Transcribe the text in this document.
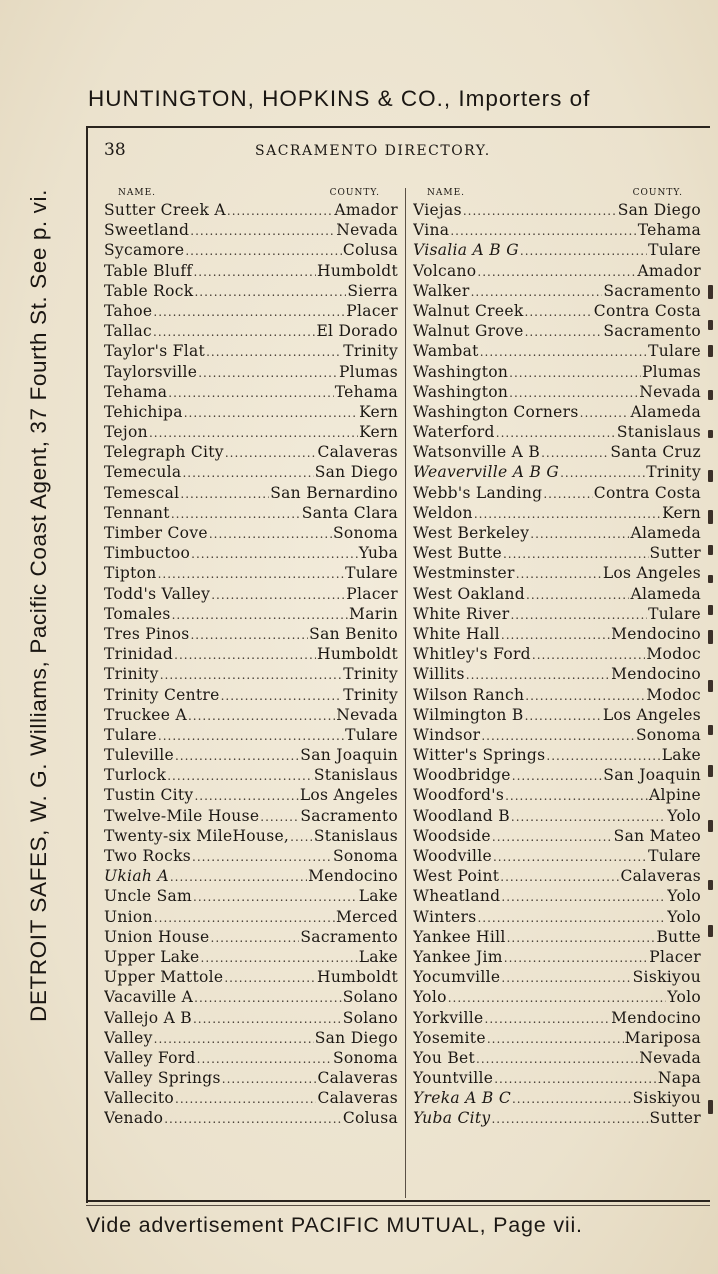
HUNTINGTON, HOPKINS & CO., Importers of
DETROIT SAFES, W. G. Williams, Pacific Coast Agent, 37 Fourth St. See p. vi.
38	SACRAMENTO DIRECTORY.
NAME.	COUNTY.
Sutter Creek A .....	Amador
Sweetland .....	Nevada
Sycamore .....	Colusa
Table Bluff .....	Humboldt
Table Rock .....	Sierra
Tahoe .....	Placer
Tallac .....	El Dorado
Taylor's Flat .....	Trinity
Taylorsville .....	Plumas
Tehama .....	Tehama
Tehichipa .....	Kern
Tejon .....	Kern
Telegraph City .....	Calaveras
Temecula .....	San Diego
Temescal .....	San Bernardino
Tennant .....	Santa Clara
Timber Cove .....	Sonoma
Timbuctoo .....	Yuba
Tipton .....	Tulare
Todd's Valley .....	Placer
Tomales .....	Marin
Tres Pinos .....	San Benito
Trinidad .....	Humboldt
Trinity .....	Trinity
Trinity Centre .....	Trinity
Truckee A .....	Nevada
Tulare .....	Tulare
Tuleville .....	San Joaquin
Turlock .....	Stanislaus
Tustin City .....	Los Angeles
Twelve-Mile House .....	Sacramento
Twenty-six MileHouse, ..... Stanislaus
Two Rocks .....	Sonoma
Ukiah A .....	Mendocino
Uncle Sam .....	Lake
Union .....	Merced
Union House .....	Sacramento
Upper Lake .....	Lake
Upper Mattole .....	Humboldt
Vacaville A .....	Solano
Vallejo A B .....	Solano
Valley .....	San Diego
Valley Ford .....	Sonoma
Valley Springs .....	Calaveras
Vallecito .....	Calaveras
Venado .....	Colusa
NAME.	COUNTY.
Viejas .....	San Diego
Vina .....	Tehama
Visalia A B G .....	Tulare
Volcano .....	Amador
Walker .....	Sacramento
Walnut Creek .....	Contra Costa
Walnut Grove .....	Sacramento
Wambat .....	Tulare
Washington .....	Plumas
Washington .....	Nevada
Washington Corners .....	Alameda
Waterford .....	Stanislaus
Watsonville A B .....	Santa Cruz
Weaverville A B G .....	Trinity
Webb's Landing .....	Contra Costa
Weldon .....	Kern
West Berkeley .....	Alameda
West Butte .....	Sutter
Westminster .....	Los Angeles
West Oakland .....	Alameda
White River .....	Tulare
White Hall .....	Mendocino
Whitley's Ford .....	Modoc
Willits .....	Mendocino
Wilson Ranch .....	Modoc
Wilmington B .....	Los Angeles
Windsor .....	Sonoma
Witter's Springs .....	Lake
Woodbridge .....	San Joaquin
Woodford's .....	Alpine
Woodland B .....	Yolo
Woodside .....	San Mateo
Woodville .....	Tulare
West Point .....	Calaveras
Wheatland .....	Yolo
Winters .....	Yolo
Yankee Hill .....	Butte
Yankee Jim .....	Placer
Yocumville .....	Siskiyou
Yolo .....	Yolo
Yorkville .....	Mendocino
Yosemite .....	Mariposa
You Bet .....	Nevada
Yountville .....	Napa
Yreka A B C .....	Siskiyou
Yuba City .....	Sutter
Vide advertisement PACIFIC MUTUAL, Page vii.
